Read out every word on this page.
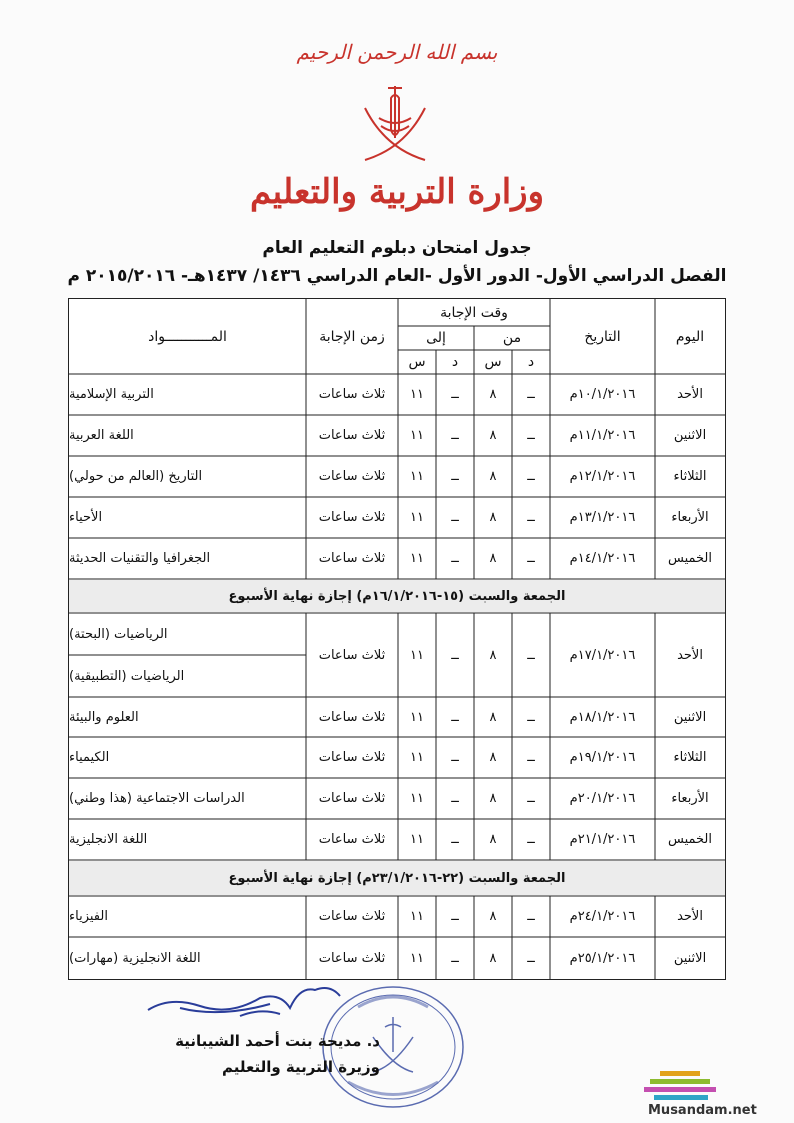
بسم الله الرحمن الرحيم
وزارة التربية والتعليم
جدول امتحان دبلوم التعليم العام
الفصل الدراسي الأول- الدور الأول -العام الدراسي ١٤٣٦/ ١٤٣٧هـ- ٢٠١٥/٢٠١٦ م
اليوم
التاريخ
وقت الإجابة
من
إلى
د
س
د
س
زمن الإجابة
المـــــــــــواد
الجمعة والسبت (١٥-١٦/١/٢٠١٦م) إجازة نهاية الأسبوع
الجمعة والسبت (٢٢-٢٣/١/٢٠١٦م) إجازة نهاية الأسبوع
الأحد
١٠/١/٢٠١٦م
ــ
٨
ــ
١١
ثلاث ساعات
التربية الإسلامية
الاثنين
١١/١/٢٠١٦م
ــ
٨
ــ
١١
ثلاث ساعات
اللغة العربية
الثلاثاء
١٢/١/٢٠١٦م
ــ
٨
ــ
١١
ثلاث ساعات
التاريخ (العالم من حولي)
الأربعاء
١٣/١/٢٠١٦م
ــ
٨
ــ
١١
ثلاث ساعات
الأحياء
الخميس
١٤/١/٢٠١٦م
ــ
٨
ــ
١١
ثلاث ساعات
الجغرافيا والتقنيات الحديثة
الأحد
١٧/١/٢٠١٦م
ــ
٨
ــ
١١
ثلاث ساعات
الرياضيات (البحتة)
الرياضيات (التطبيقية)
الاثنين
١٨/١/٢٠١٦م
ــ
٨
ــ
١١
ثلاث ساعات
العلوم والبيئة
الثلاثاء
١٩/١/٢٠١٦م
ــ
٨
ــ
١١
ثلاث ساعات
الكيمياء
الأربعاء
٢٠/١/٢٠١٦م
ــ
٨
ــ
١١
ثلاث ساعات
الدراسات الاجتماعية (هذا وطني)
الخميس
٢١/١/٢٠١٦م
ــ
٨
ــ
١١
ثلاث ساعات
اللغة الانجليزية
الأحد
٢٤/١/٢٠١٦م
ــ
٨
ــ
١١
ثلاث ساعات
الفيزياء
الاثنين
٢٥/١/٢٠١٦م
ــ
٨
ــ
١١
ثلاث ساعات
اللغة الانجليزية (مهارات)
د. مديحة بنت أحمد الشيبانية
وزيرة التربية والتعليم
Musandam.net
